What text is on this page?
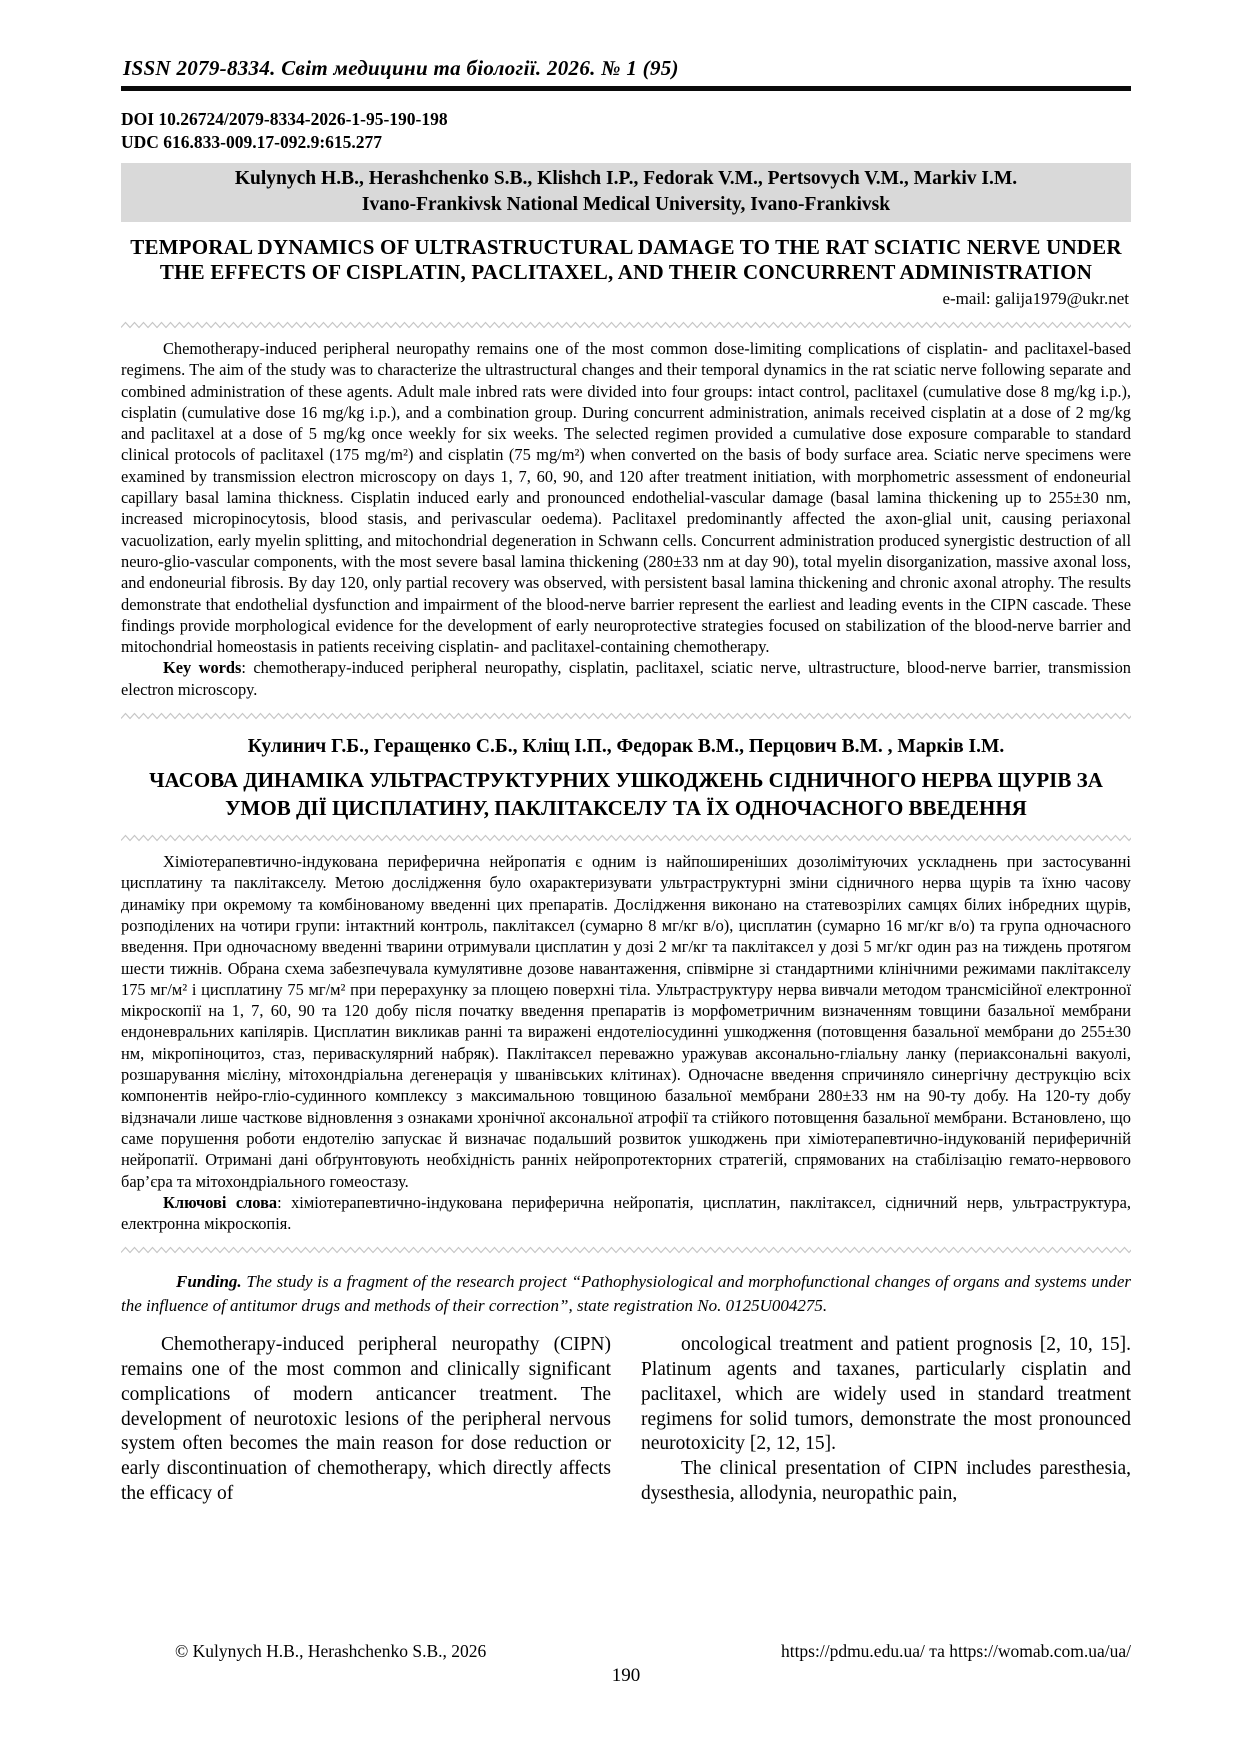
ISSN 2079-8334. Світ медицини та біології. 2026. № 1 (95)
DOI 10.26724/2079-8334-2026-1-95-190-198
UDC 616.833-009.17-092.9:615.277
Kulynych H.B., Herashchenko S.B., Klishch I.P., Fedorak V.M., Pertsovych V.M., Markiv I.M.
Ivano-Frankivsk National Medical University, Ivano-Frankivsk
TEMPORAL DYNAMICS OF ULTRASTRUCTURAL DAMAGE TO THE RAT SCIATIC NERVE UNDER THE EFFECTS OF CISPLATIN, PACLITAXEL, AND THEIR CONCURRENT ADMINISTRATION
e-mail: galija1979@ukr.net

Chemotherapy-induced peripheral neuropathy remains one of the most common dose-limiting complications of cisplatin- and paclitaxel-based regimens. The aim of the study was to characterize the ultrastructural changes and their temporal dynamics in the rat sciatic nerve following separate and combined administration of these agents. Adult male inbred rats were divided into four groups: intact control, paclitaxel (cumulative dose 8 mg/kg i.p.), cisplatin (cumulative dose 16 mg/kg i.p.), and a combination group. During concurrent administration, animals received cisplatin at a dose of 2 mg/kg and paclitaxel at a dose of 5 mg/kg once weekly for six weeks. The selected regimen provided a cumulative dose exposure comparable to standard clinical protocols of paclitaxel (175 mg/m²) and cisplatin (75 mg/m²) when converted on the basis of body surface area. Sciatic nerve specimens were examined by transmission electron microscopy on days 1, 7, 60, 90, and 120 after treatment initiation, with morphometric assessment of endoneurial capillary basal lamina thickness. Cisplatin induced early and pronounced endothelial-vascular damage (basal lamina thickening up to 255±30 nm, increased micropinocytosis, blood stasis, and perivascular oedema). Paclitaxel predominantly affected the axon-glial unit, causing periaxonal vacuolization, early myelin splitting, and mitochondrial degeneration in Schwann cells. Concurrent administration produced synergistic destruction of all neuro-glio-vascular components, with the most severe basal lamina thickening (280±33 nm at day 90), total myelin disorganization, massive axonal loss, and endoneurial fibrosis. By day 120, only partial recovery was observed, with persistent basal lamina thickening and chronic axonal atrophy. The results demonstrate that endothelial dysfunction and impairment of the blood-nerve barrier represent the earliest and leading events in the CIPN cascade. These findings provide morphological evidence for the development of early neuroprotective strategies focused on stabilization of the blood-nerve barrier and mitochondrial homeostasis in patients receiving cisplatin- and paclitaxel-containing chemotherapy.

Key words: chemotherapy-induced peripheral neuropathy, cisplatin, paclitaxel, sciatic nerve, ultrastructure, blood-nerve barrier, transmission electron microscopy.

Кулинич Г.Б., Геращенко С.Б., Кліщ І.П., Федорак В.М., Перцович В.М. , Марків І.М.
ЧАСОВА ДИНАМІКА УЛЬТРАСТРУКТУРНИХ УШКОДЖЕНЬ СІДНИЧНОГО НЕРВА ЩУРІВ ЗА УМОВ ДІЇ ЦИСПЛАТИНУ, ПАКЛІТАКСЕЛУ ТА ЇХ ОДНОЧАСНОГО ВВЕДЕННЯ

Хіміотерапевтично-індукована периферична нейропатія є одним із найпоширеніших дозолімітуючих ускладнень при застосуванні цисплатину та паклітакселу. Метою дослідження було охарактеризувати ультраструктурні зміни сідничного нерва щурів та їхню часову динаміку при окремому та комбінованому введенні цих препаратів. Дослідження виконано на статевозрілих самцях білих інбредних щурів, розподілених на чотири групи: інтактний контроль, паклітаксел (сумарно 8 мг/кг в/о), цисплатин (сумарно 16 мг/кг в/о) та група одночасного введення. При одночасному введенні тварини отримували цисплатин у дозі 2 мг/кг та паклітаксел у дозі 5 мг/кг один раз на тиждень протягом шести тижнів. Обрана схема забезпечувала кумулятивне дозове навантаження, співмірне зі стандартними клінічними режимами паклітакселу 175 мг/м² і цисплатину 75 мг/м² при перерахунку за площею поверхні тіла. Ультраструктуру нерва вивчали методом трансмісійної електронної мікроскопії на 1, 7, 60, 90 та 120 добу після початку введення препаратів із морфометричним визначенням товщини базальної мембрани ендоневральних капілярів. Цисплатин викликав ранні та виражені ендотеліосудинні ушкодження (потовщення базальної мембрани до 255±30 нм, мікропіноцитоз, стаз, периваскулярний набряк). Паклітаксел переважно уражував аксонально-гліальну ланку (периаксональні вакуолі, розшарування мієліну, мітохондріальна дегенерація у шванівських клітинах). Одночасне введення спричиняло синергічну деструкцію всіх компонентів нейро-гліо-судинного комплексу з максимальною товщиною базальної мембрани 280±33 нм на 90-ту добу. На 120-ту добу відзначали лише часткове відновлення з ознаками хронічної аксональної атрофії та стійкого потовщення базальної мембрани. Встановлено, що саме порушення роботи ендотелію запускає й визначає подальший розвиток ушкоджень при хіміотерапевтично-індукованій периферичній нейропатії. Отримані дані обґрунтовують необхідність ранніх нейропротекторних стратегій, спрямованих на стабілізацію гемато-нервового бар’єра та мітохондріального гомеостазу.

Ключові слова: хіміотерапевтично-індукована периферична нейропатія, цисплатин, паклітаксел, сідничний нерв, ультраструктура, електронна мікроскопія.

Funding. The study is a fragment of the research project “Pathophysiological and morphofunctional changes of organs and systems under the influence of antitumor drugs and methods of their correction”, state registration No. 0125U004275.

Chemotherapy-induced peripheral neuropathy (CIPN) remains one of the most common and clinically significant complications of modern anticancer treatment. The development of neurotoxic lesions of the peripheral nervous system often becomes the main reason for dose reduction or early discontinuation of chemotherapy, which directly affects the efficacy of

oncological treatment and patient prognosis [2, 10, 15]. Platinum agents and taxanes, particularly cisplatin and paclitaxel, which are widely used in standard treatment regimens for solid tumors, demonstrate the most pronounced neurotoxicity [2, 12, 15].

The clinical presentation of CIPN includes paresthesia, dysesthesia, allodynia, neuropathic pain,

© Kulynych H.B., Herashchenko S.B., 2026	https://pdmu.edu.ua/ та https://womab.com.ua/ua/
190
